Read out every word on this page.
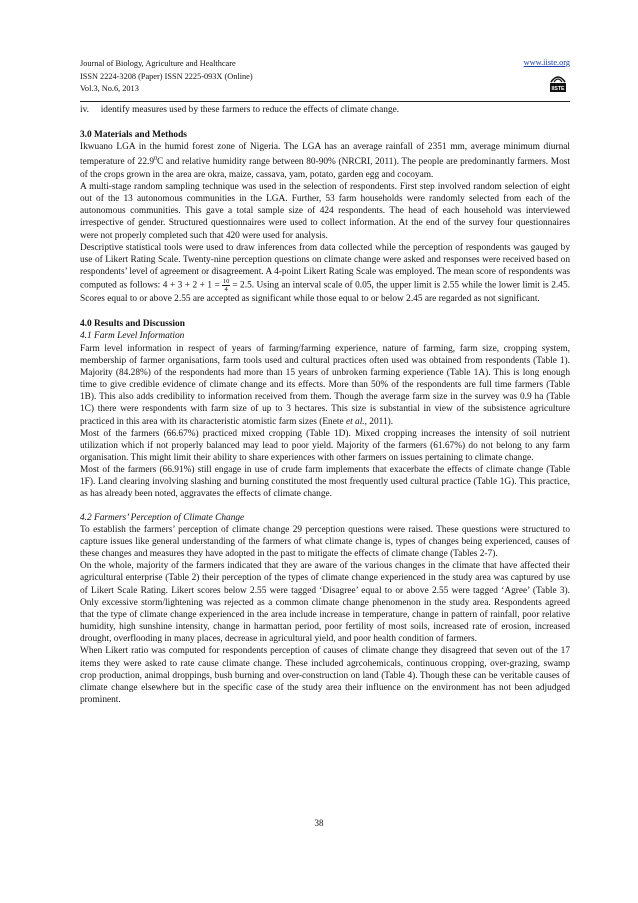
Journal of Biology, Agriculture and Healthcare
ISSN 2224-3208 (Paper) ISSN 2225-093X (Online)
Vol.3, No.6, 2013
www.iiste.org
IISTE

iv. identify measures used by these farmers to reduce the effects of climate change.

3.0 Materials and Methods

Ikwuano LGA in the humid forest zone of Nigeria. The LGA has an average rainfall of 2351 mm, average minimum diurnal temperature of 22.9$^0$C and relative humidity range between 80-90% (NRCRI, 2011). The people are predominantly farmers. Most of the crops grown in the area are okra, maize, cassava, yam, potato, garden egg and cocoyam.

A multi-stage random sampling technique was used in the selection of respondents. First step involved random selection of eight out of the 13 autonomous communities in the LGA. Further, 53 farm households were randomly selected from each of the autonomous communities. This gave a total sample size of 424 respondents. The head of each household was interviewed irrespective of gender. Structured questionnaires were used to collect information. At the end of the survey four questionnaires were not properly completed such that 420 were used for analysis.

Descriptive statistical tools were used to draw inferences from data collected while the perception of respondents was gauged by use of Likert Rating Scale. Twenty-nine perception questions on climate change were asked and responses were received based on respondents’ level of agreement or disagreement. A 4-point Likert Rating Scale was employed. The mean score of respondents was computed as follows: $4 + 3 + 2 + 1 = \frac{10}{4} = 2.5$. Using an interval scale of 0.05, the upper limit is 2.55 while the lower limit is 2.45. Scores equal to or above 2.55 are accepted as significant while those equal to or below 2.45 are regarded as not significant.

4.0 Results and Discussion

4.1 Farm Level Information

Farm level information in respect of years of farming/farming experience, nature of farming, farm size, cropping system, membership of farmer organisations, farm tools used and cultural practices often used was obtained from respondents (Table 1). Majority (84.28%) of the respondents had more than 15 years of unbroken farming experience (Table 1A). This is long enough time to give credible evidence of climate change and its effects. More than 50% of the respondents are full time farmers (Table 1B). This also adds credibility to information received from them. Though the average farm size in the survey was 0.9 ha (Table 1C) there were respondents with farm size of up to 3 hectares. This size is substantial in view of the subsistence agriculture practiced in this area with its characteristic atomistic farm sizes (Enete et al., 2011).

Most of the farmers (66.67%) practiced mixed cropping (Table 1D). Mixed cropping increases the intensity of soil nutrient utilization which if not properly balanced may lead to poor yield. Majority of the farmers (61.67%) do not belong to any farm organisation. This might limit their ability to share experiences with other farmers on issues pertaining to climate change.

Most of the farmers (66.91%) still engage in use of crude farm implements that exacerbate the effects of climate change (Table 1F). Land clearing involving slashing and burning constituted the most frequently used cultural practice (Table 1G). This practice, as has already been noted, aggravates the effects of climate change.

4.2 Farmers’ Perception of Climate Change

To establish the farmers’ perception of climate change 29 perception questions were raised. These questions were structured to capture issues like general understanding of the farmers of what climate change is, types of changes being experienced, causes of these changes and measures they have adopted in the past to mitigate the effects of climate change (Tables 2-7).

On the whole, majority of the farmers indicated that they are aware of the various changes in the climate that have affected their agricultural enterprise (Table 2) their perception of the types of climate change experienced in the study area was captured by use of Likert Scale Rating. Likert scores below 2.55 were tagged ‘Disagree’ equal to or above 2.55 were tagged ‘Agree’ (Table 3). Only excessive storm/lightening was rejected as a common climate change phenomenon in the study area. Respondents agreed that the type of climate change experienced in the area include increase in temperature, change in pattern of rainfall, poor relative humidity, high sunshine intensity, change in harmattan period, poor fertility of most soils, increased rate of erosion, increased drought, overflooding in many places, decrease in agricultural yield, and poor health condition of farmers.

When Likert ratio was computed for respondents perception of causes of climate change they disagreed that seven out of the 17 items they were asked to rate cause climate change. These included agrcohemicals, continuous cropping, over-grazing, swamp crop production, animal droppings, bush burning and over-construction on land (Table 4). Though these can be veritable causes of climate change elsewhere but in the specific case of the study area their influence on the environment has not been adjudged prominent.

38
